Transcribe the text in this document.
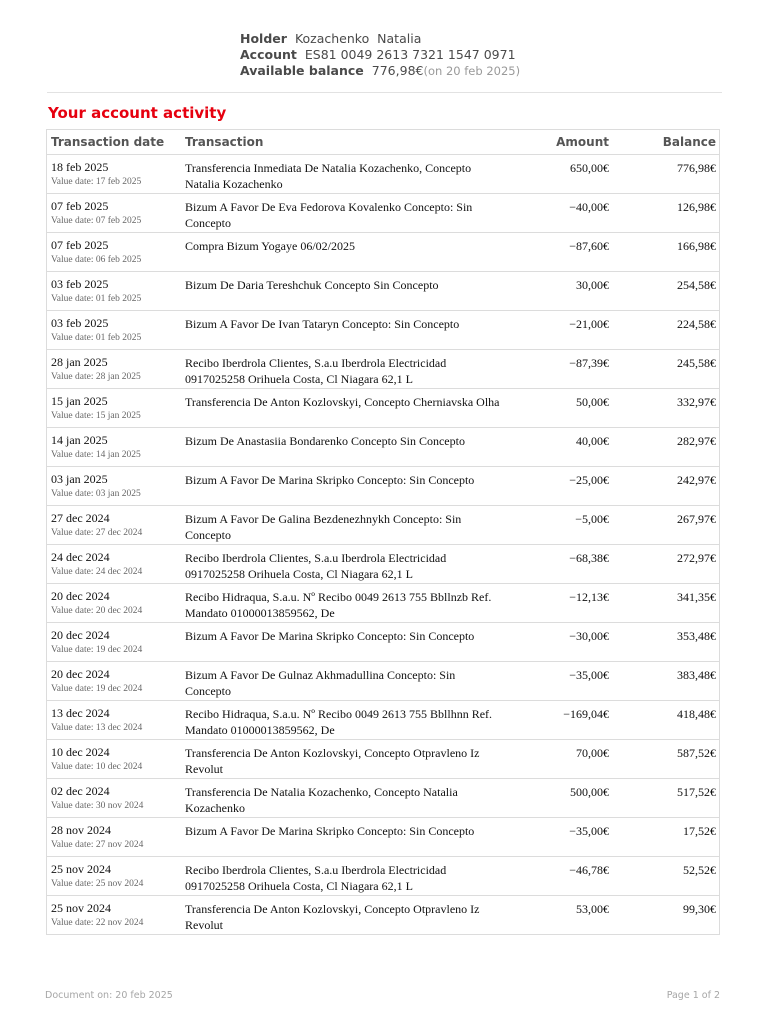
Holder Kozachenko  Natalia
Account ES81 0049 2613 7321 1547 0971
Available balance 776,98€(on 20 feb 2025)
Your account activity
Transaction date Transaction	Amount	Balance
18 feb 2025
Value date: 17 feb 2025
Transferencia Inmediata De Natalia Kozachenko, Concepto Natalia Kozachenko
650,00€	776,98€
07 feb 2025
Value date: 07 feb 2025
Bizum A Favor De Eva Fedorova Kovalenko Concepto: Sin Concepto
−40,00€	126,98€
07 feb 2025
Value date: 06 feb 2025
Compra Bizum Yogaye 06/02/2025	−87,60€	166,98€
03 feb 2025
Value date: 01 feb 2025
Bizum De Daria Tereshchuk Concepto Sin Concepto	30,00€	254,58€
03 feb 2025
Value date: 01 feb 2025
Bizum A Favor De Ivan Tataryn Concepto: Sin Concepto	−21,00€	224,58€
28 jan 2025
Value date: 28 jan 2025
Recibo Iberdrola Clientes, S.a.u Iberdrola Electricidad 0917025258 Orihuela Costa, Cl Niagara 62,1 L
−87,39€	245,58€
15 jan 2025
Value date: 15 jan 2025
Transferencia De Anton Kozlovskyi, Concepto Cherniavska Olha	50,00€	332,97€
14 jan 2025
Value date: 14 jan 2025
Bizum De Anastasiia Bondarenko Concepto Sin Concepto	40,00€	282,97€
03 jan 2025
Value date: 03 jan 2025
Bizum A Favor De Marina Skripko Concepto: Sin Concepto	−25,00€	242,97€
27 dec 2024
Value date: 27 dec 2024
Bizum A Favor De Galina Bezdenezhnykh Concepto: Sin Concepto
−5,00€	267,97€
24 dec 2024
Value date: 24 dec 2024
Recibo Iberdrola Clientes, S.a.u Iberdrola Electricidad 0917025258 Orihuela Costa, Cl Niagara 62,1 L
−68,38€	272,97€
20 dec 2024
Value date: 20 dec 2024
Recibo Hidraqua, S.a.u. Nº Recibo 0049 2613 755 Bbllnzb Ref. Mandato 01000013859562, De
−12,13€	341,35€
20 dec 2024
Value date: 19 dec 2024
Bizum A Favor De Marina Skripko Concepto: Sin Concepto	−30,00€	353,48€
20 dec 2024
Value date: 19 dec 2024
Bizum A Favor De Gulnaz Akhmadullina Concepto: Sin Concepto
−35,00€	383,48€
13 dec 2024
Value date: 13 dec 2024
Recibo Hidraqua, S.a.u. Nº Recibo 0049 2613 755 Bbllhnn Ref. Mandato 01000013859562, De
−169,04€	418,48€
10 dec 2024
Value date: 10 dec 2024
Transferencia De Anton Kozlovskyi, Concepto Otpravleno Iz Revolut
70,00€	587,52€
02 dec 2024
Value date: 30 nov 2024
Transferencia De Natalia Kozachenko, Concepto Natalia Kozachenko
500,00€	517,52€
28 nov 2024
Value date: 27 nov 2024
Bizum A Favor De Marina Skripko Concepto: Sin Concepto	−35,00€	17,52€
25 nov 2024
Value date: 25 nov 2024
Recibo Iberdrola Clientes, S.a.u Iberdrola Electricidad 0917025258 Orihuela Costa, Cl Niagara 62,1 L
−46,78€	52,52€
25 nov 2024
Value date: 22 nov 2024
Transferencia De Anton Kozlovskyi, Concepto Otpravleno Iz Revolut
53,00€	99,30€
Document on: 20 feb 2025	Page 1 of 2
